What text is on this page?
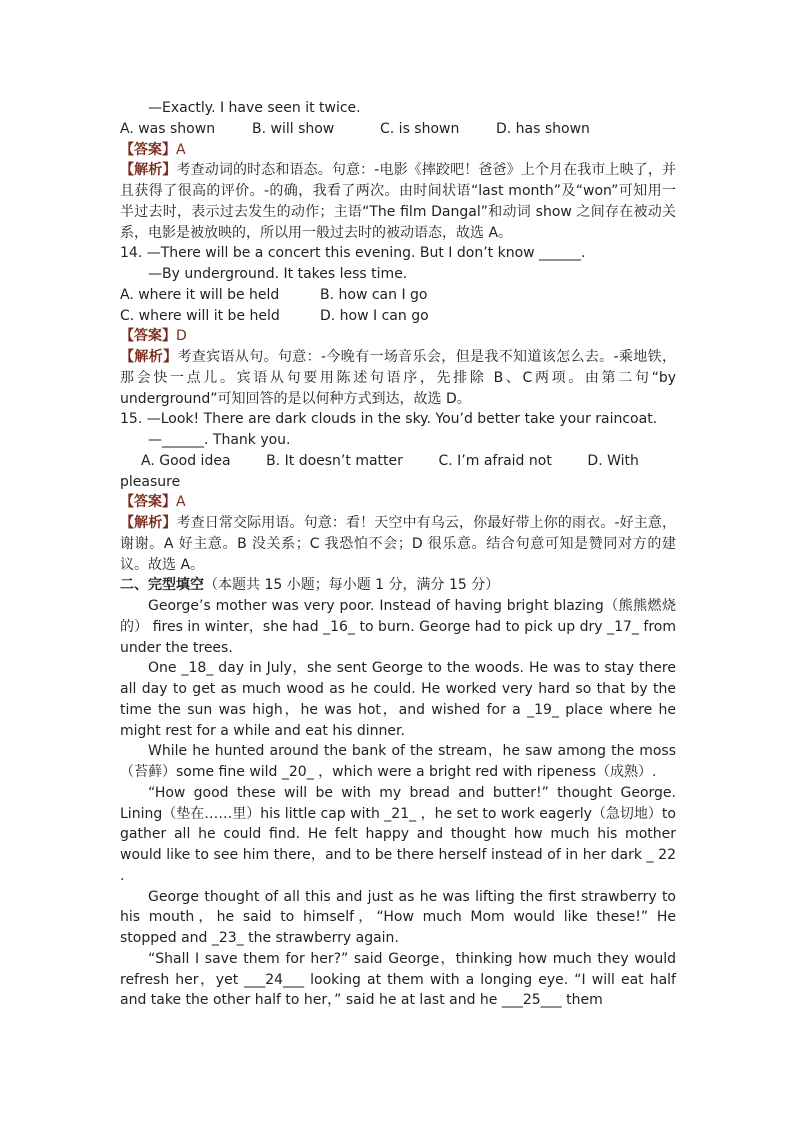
—Exactly. I have seen it twice.
A. was shown	B. will show	C. is shown	D. has shown
【答案】A
【解析】考查动词的时态和语态。句意：-电影《摔跤吧！爸爸》上个月在我市上映了，并且获得了很高的评价。-的确，我看了两次。由时间状语“last month”及“won”可知用一半过去时，表示过去发生的动作；主语“The film Dangal”和动词 show 之间存在被动关系，电影是被放映的，所以用一般过去时的被动语态，故选 A。
14. —There will be a concert this evening. But I don’t know ______.
—By underground. It takes less time.
A. where it will be held	B. how can I go
C. where will it be held	D. how I can go
【答案】D
【解析】考查宾语从句。句意：-今晚有一场音乐会，但是我不知道该怎么去。-乘地铁，那会快一点儿。宾语从句要用陈述句语序，先排除 B、C两项。由第二句“by underground”可知回答的是以何种方式到达，故选 D。
15. —Look! There are dark clouds in the sky. You’d better take your raincoat.
—______. Thank you.
A. Good idea        B. It doesn’t matter        C. I’m afraid not        D. With
pleasure
【答案】A
【解析】考查日常交际用语。句意：看！天空中有乌云，你最好带上你的雨衣。-好主意，谢谢。A 好主意。B 没关系；C 我恐怕不会；D 很乐意。结合句意可知是赞同对方的建议。故选 A。
二、完型填空（本题共 15 小题；每小题 1 分，满分 15 分）
George’s mother was very poor. Instead of having bright blazing（熊熊燃烧的） fires in winter，she had _16_ to burn. George had to pick up dry _17_ from under the trees.
One _18_ day in July，she sent George to the woods. He was to stay there all day to get as much wood as he could. He worked very hard so that by the time the sun was high，he was hot，and wished for a _19_ place where he might rest for a while and eat his dinner.
While he hunted around the bank of the stream，he saw among the moss（苔藓）some fine wild _20_ ，which were a bright red with ripeness（成熟）.
“How good these will be with my bread and butter!” thought George. Lining（垫在……里）his little cap with _21_ ，he set to work eagerly（急切地）to gather all he could find. He felt happy and thought how much his mother would like to see him there，and to be there herself instead of in her dark _ 22 .
George thought of all this and just as he was lifting the first strawberry to his mouth，he said to himself，“How much Mom would like these!” He stopped and _23_ the strawberry again.
“Shall I save them for her?” said George，thinking how much they would refresh her，yet ___24___ looking at them with a longing eye. “I will eat half and take the other half to her，” said he at last and he ___25___ them
